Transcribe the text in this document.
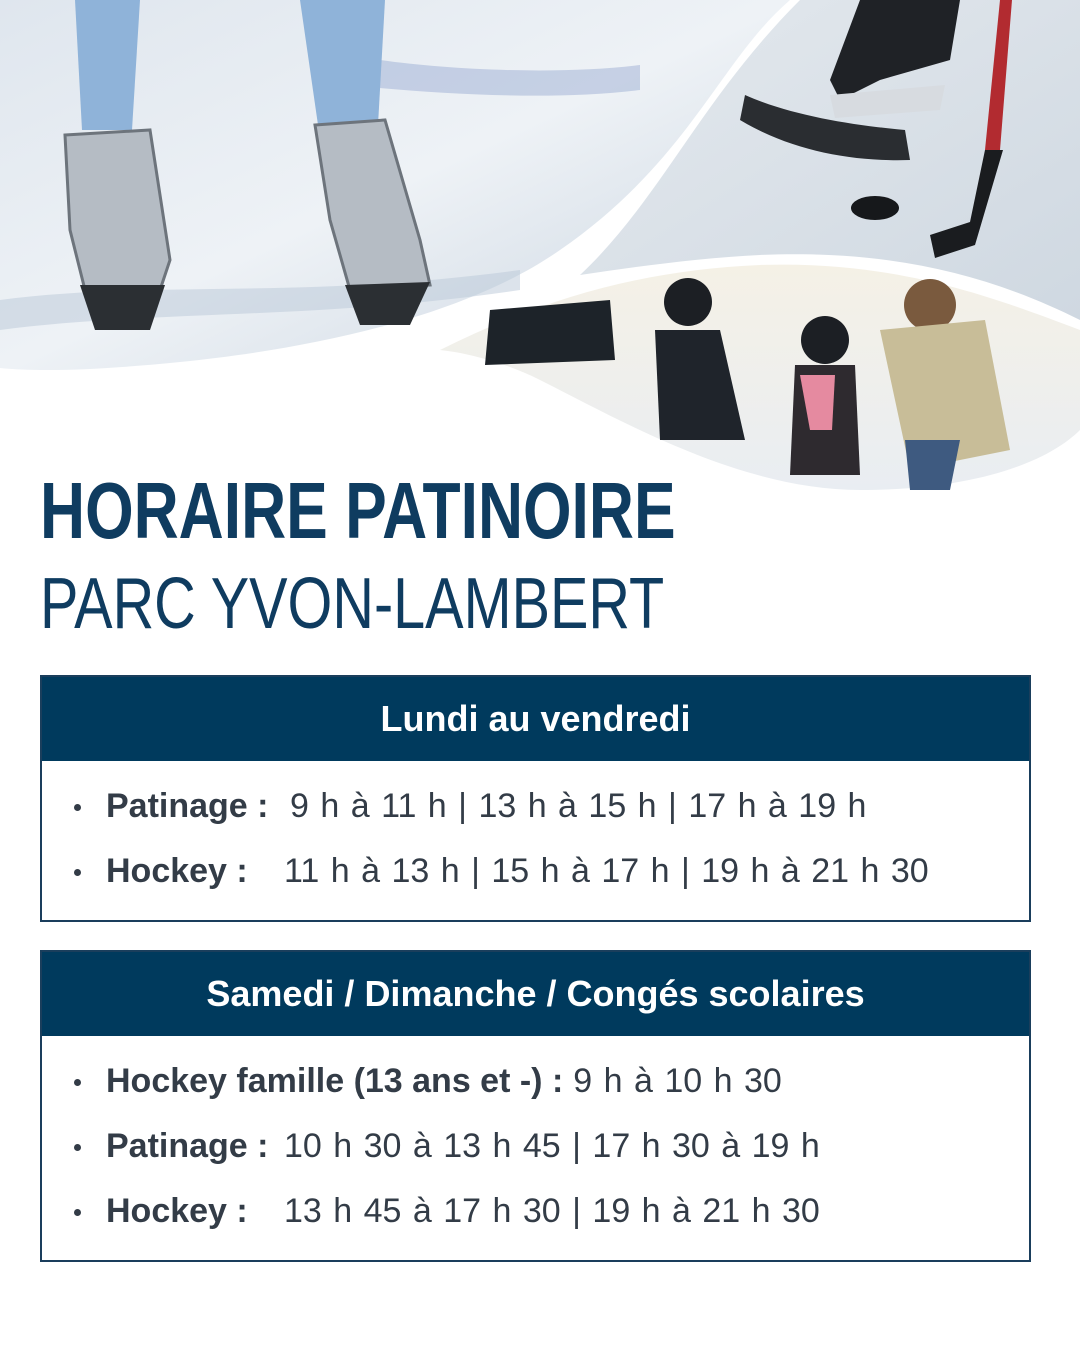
HORAIRE PATINOIRE
PARC YVON-LAMBERT
Lundi au vendredi
Patinage : 9 h à 11 h | 13 h à 15 h | 17 h à 19 h
Hockey : 11 h à 13 h | 15 h à 17 h | 19 h à 21 h 30
Samedi / Dimanche / Congés scolaires
Hockey famille (13 ans et -) : 9 h à 10 h 30
Patinage : 10 h 30 à 13 h 45 | 17 h 30 à 19 h
Hockey : 13 h 45 à 17 h 30 | 19 h à 21 h 30
